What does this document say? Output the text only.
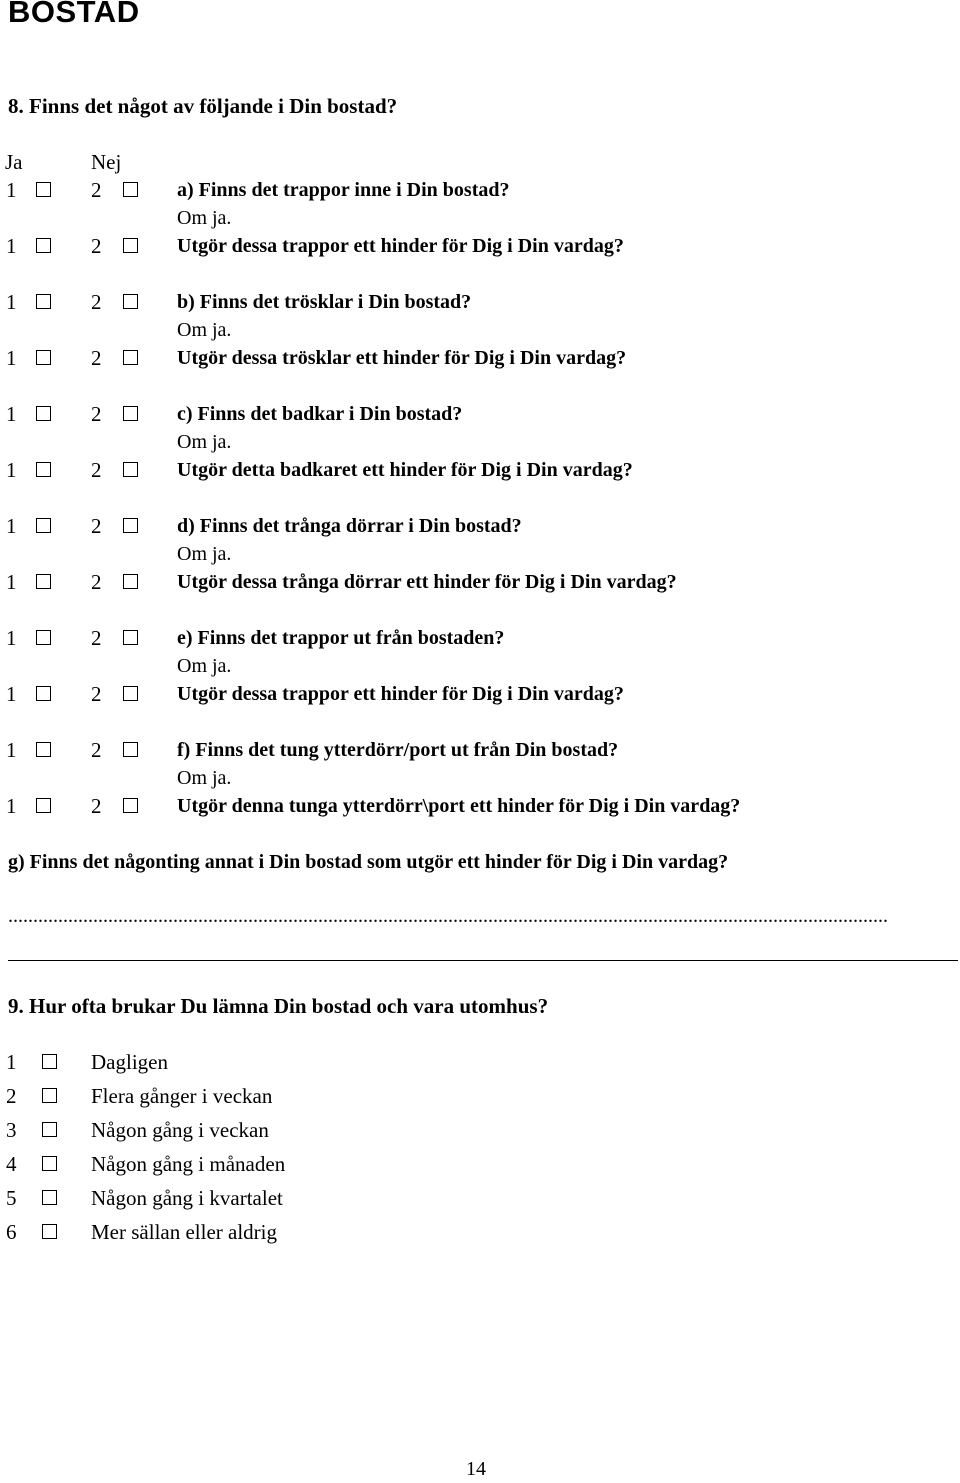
BOSTAD

8. Finns det något av följande i Din bostad?

Ja	Nej

1	2	a) Finns det trappor inne i Din bostad?
Om ja.
1	2	Utgör dessa trappor ett hinder för Dig i Din vardag?
1	2	b) Finns det trösklar i Din bostad?
Om ja.
1	2	Utgör dessa trösklar ett hinder för Dig i Din vardag?
1	2	c) Finns det badkar i Din bostad?
Om ja.
1	2	Utgör detta badkaret ett hinder för Dig i Din vardag?
1	2	d) Finns det trånga dörrar i Din bostad?
Om ja.
1	2	Utgör dessa trånga dörrar ett hinder för Dig i Din vardag?
1	2	e) Finns det trappor ut från bostaden?
Om ja.
1	2	Utgör dessa trappor ett hinder för Dig i Din vardag?
1	2	f) Finns det tung ytterdörr/port ut från Din bostad?
Om ja.
1	2	Utgör denna tunga ytterdörr\port ett hinder för Dig i Din vardag?

g) Finns det någonting annat i Din bostad som utgör ett hinder för Dig i Din vardag?

................................................................................................................................................................................

9. Hur ofta brukar Du lämna Din bostad och vara utomhus?

1	Dagligen
2	Flera gånger i veckan
3	Någon gång i veckan
4	Någon gång i månaden
5	Någon gång i kvartalet
6	Mer sällan eller aldrig
14
